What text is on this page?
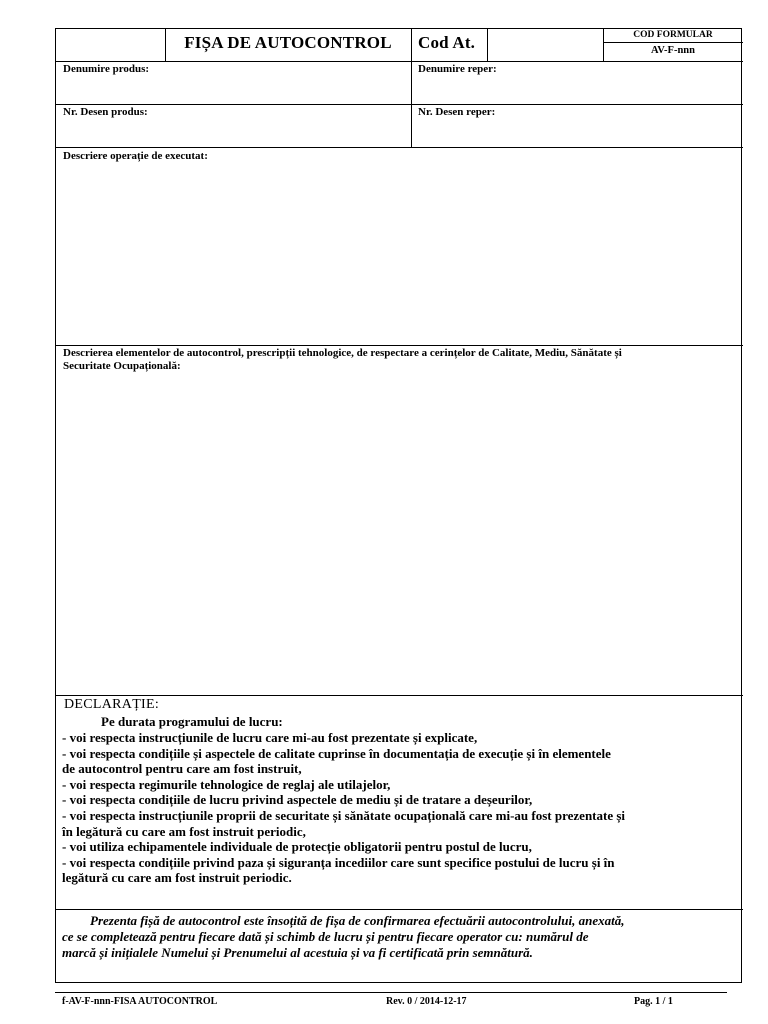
FIȘA DE AUTOCONTROL	Cod At.	COD FORMULAR
AV-F-nnn
Denumire produs:	Denumire reper:
Nr. Desen produs:	Nr. Desen reper:
Descriere operație de executat:
Descrierea elementelor de autocontrol, prescripții tehnologice, de respectare a cerințelor de Calitate, Mediu, Sănătate și
Securitate Ocupațională:
DECLARAȚIE:
Pe durata programului de lucru:
- voi respecta instrucțiunile de lucru care mi-au fost prezentate și explicate,
- voi respecta condițiile și aspectele de calitate cuprinse în documentația de execuție și în elementele
de autocontrol pentru care am fost instruit,
- voi respecta regimurile tehnologice de reglaj ale utilajelor,
- voi respecta condițiile de lucru privind aspectele de mediu și de tratare a deșeurilor,
- voi respecta instrucțiunile proprii de securitate și sănătate ocupațională care mi-au fost prezentate și
în legătură cu care am fost instruit periodic,
- voi utiliza echipamentele individuale de protecție obligatorii pentru postul de lucru,
- voi respecta condițiile privind paza și siguranța incediilor care sunt specifice postului de lucru și în
legătură cu care am fost instruit periodic.
Prezenta fișă de autocontrol este însoțită de fișa de confirmarea efectuării autocontrolului, anexată,
ce se completează pentru fiecare dată și schimb de lucru și pentru fiecare operator cu: numărul de
marcă și inițialele Numelui și Prenumelui al acestuia și va fi certificată prin semnătură.
f-AV-F-nnn-FISA AUTOCONTROL	Rev. 0 / 2014-12-17	Pag. 1 / 1
